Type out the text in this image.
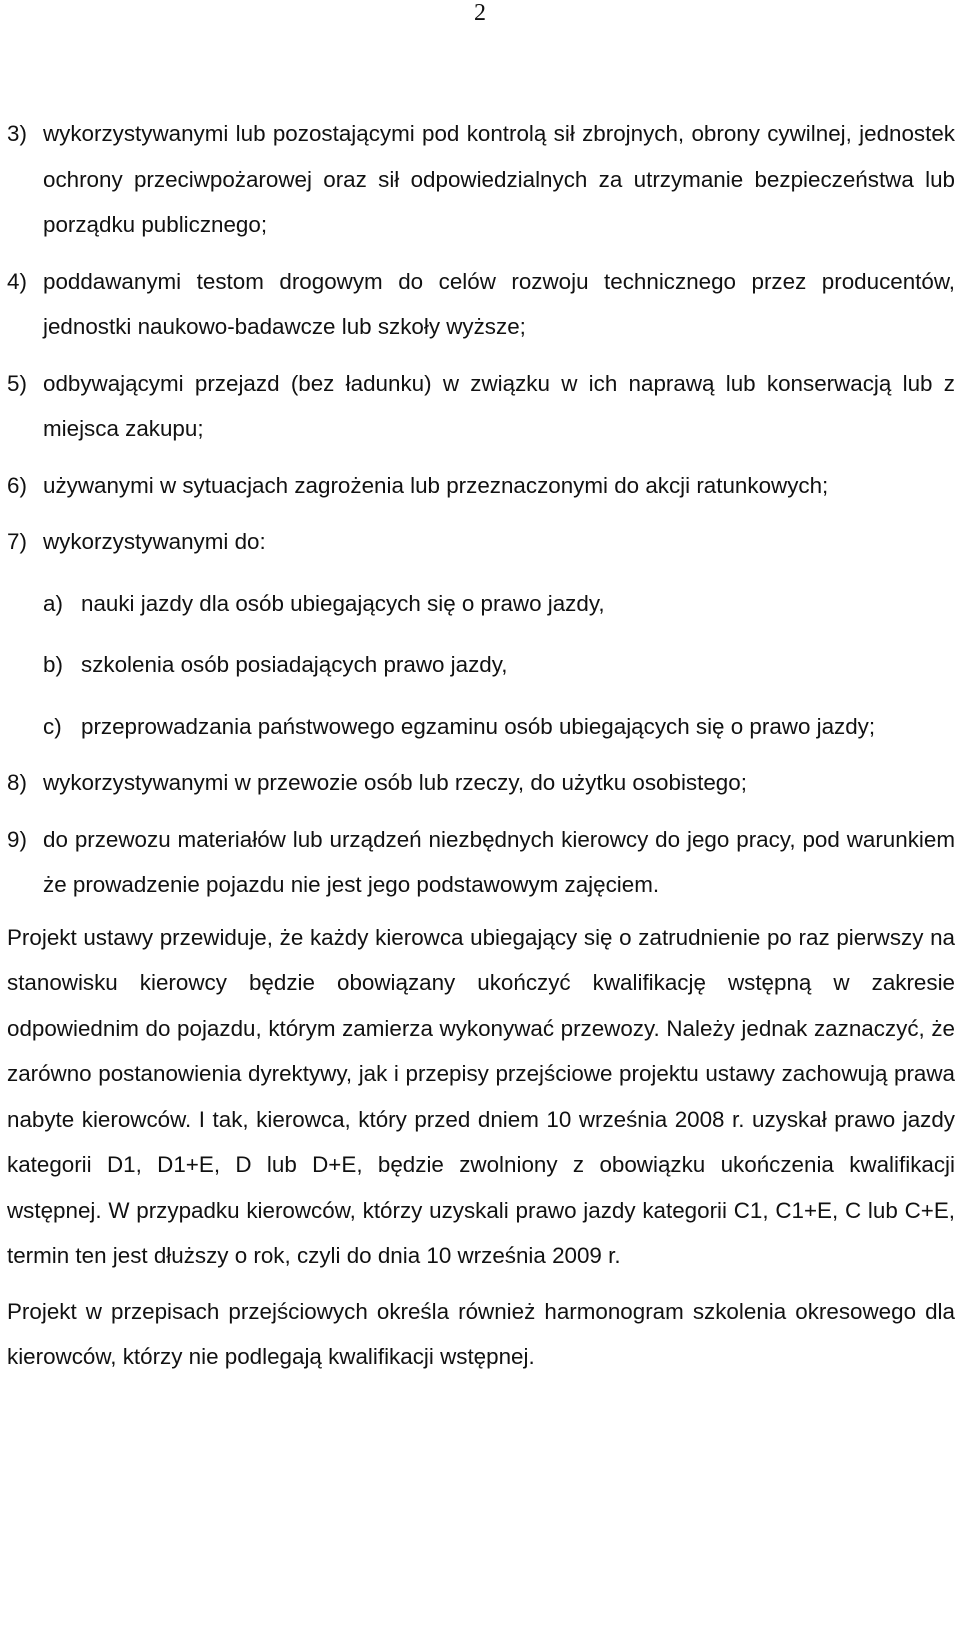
2
3) wykorzystywanymi lub pozostającymi pod kontrolą sił zbrojnych, obrony cywilnej, jednostek ochrony przeciwpożarowej oraz sił odpowiedzialnych za utrzymanie bezpieczeństwa lub porządku publicznego;
4) poddawanymi testom drogowym do celów rozwoju technicznego przez producentów, jednostki naukowo-badawcze lub szkoły wyższe;
5) odbywającymi przejazd (bez ładunku) w związku w ich naprawą lub konserwacją lub z miejsca zakupu;
6) używanymi w sytuacjach zagrożenia lub przeznaczonymi do akcji ratunkowych;
7) wykorzystywanymi do:
a) nauki jazdy dla osób ubiegających się o prawo jazdy,
b) szkolenia osób posiadających prawo jazdy,
c) przeprowadzania państwowego egzaminu osób ubiegających się o prawo jazdy;
8) wykorzystywanymi w przewozie osób lub rzeczy, do użytku osobistego;
9) do przewozu materiałów lub urządzeń niezbędnych kierowcy do jego pracy, pod warunkiem że prowadzenie pojazdu nie jest jego podstawowym zajęciem.
Projekt ustawy przewiduje, że każdy kierowca ubiegający się o zatrudnienie po raz pierwszy na stanowisku kierowcy będzie obowiązany ukończyć kwalifikację wstępną w zakresie odpowiednim do pojazdu, którym zamierza wykonywać przewozy. Należy jednak zaznaczyć, że zarówno postanowienia dyrektywy, jak i przepisy przejściowe projektu ustawy zachowują prawa nabyte kierowców. I tak, kierowca, który przed dniem 10 września 2008 r. uzyskał prawo jazdy kategorii D1, D1+E, D lub D+E, będzie zwolniony z obowiązku ukończenia kwalifikacji wstępnej. W przypadku kierowców, którzy uzyskali prawo jazdy kategorii C1, C1+E, C lub C+E, termin ten jest dłuższy o rok, czyli do dnia 10 września 2009 r.
Projekt w przepisach przejściowych określa również harmonogram szkolenia okresowego dla kierowców, którzy nie podlegają kwalifikacji wstępnej.
